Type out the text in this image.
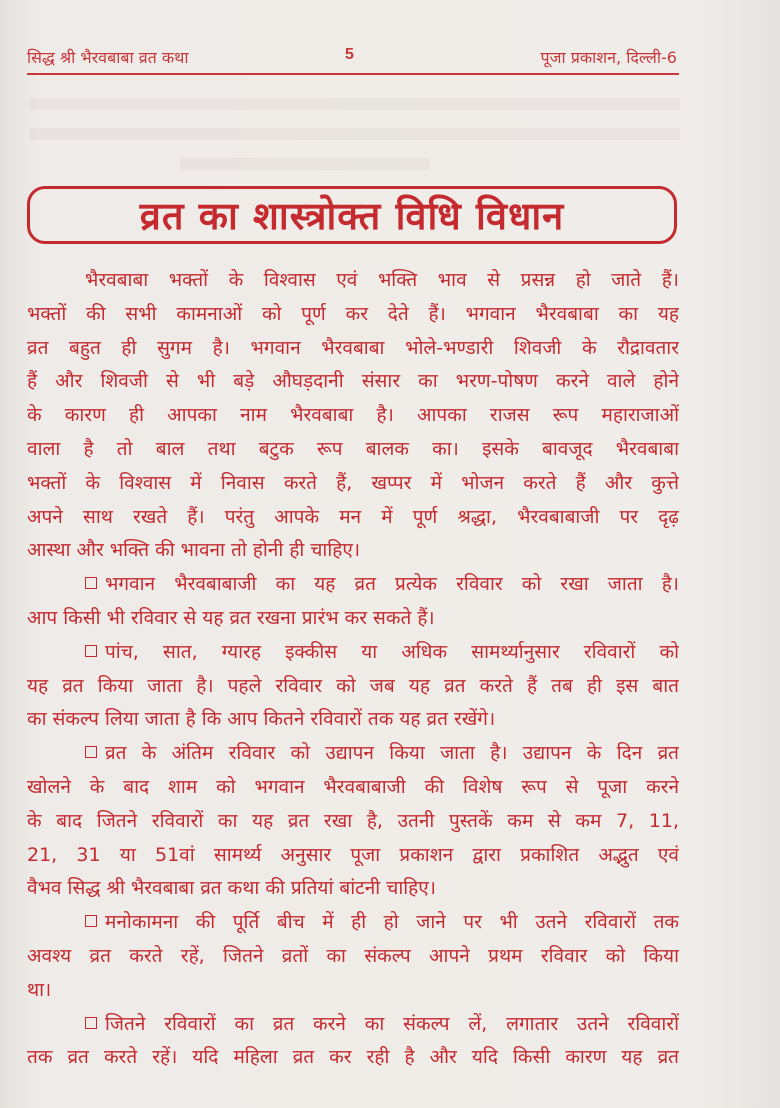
सिद्ध श्री भैरवबाबा व्रत कथा	5	पूजा प्रकाशन, दिल्ली-6
व्रत का शास्त्रोक्त विधि विधान
भैरवबाबा भक्तों के विश्वास एवं भक्ति भाव से प्रसन्न हो जाते हैं।
भक्तों की सभी कामनाओं को पूर्ण कर देते हैं। भगवान भैरवबाबा का यह
व्रत बहुत ही सुगम है। भगवान भैरवबाबा भोले-भण्डारी शिवजी के रौद्रावतार
हैं और शिवजी से भी बड़े औघड़दानी संसार का भरण-पोषण करने वाले होने
के कारण ही आपका नाम भैरवबाबा है। आपका राजस रूप महाराजाओं
वाला है तो बाल तथा बटुक रूप बालक का। इसके बावजूद भैरवबाबा
भक्तों के विश्वास में निवास करते हैं, खप्पर में भोजन करते हैं और कुत्ते
अपने साथ रखते हैं। परंतु आपके मन में पूर्ण श्रद्धा, भैरवबाबाजी पर दृढ़
आस्था और भक्ति की भावना तो होनी ही चाहिए।
भगवान भैरवबाबाजी का यह व्रत प्रत्येक रविवार को रखा जाता है।
आप किसी भी रविवार से यह व्रत रखना प्रारंभ कर सकते हैं।
पांच, सात, ग्यारह इक्कीस या अधिक सामर्थ्यानुसार रविवारों को
यह व्रत किया जाता है। पहले रविवार को जब यह व्रत करते हैं तब ही इस बात
का संकल्प लिया जाता है कि आप कितने रविवारों तक यह व्रत रखेंगे।
व्रत के अंतिम रविवार को उद्यापन किया जाता है। उद्यापन के दिन व्रत
खोलने के बाद शाम को भगवान भैरवबाबाजी की विशेष रूप से पूजा करने
के बाद जितने रविवारों का यह व्रत रखा है, उतनी पुस्तकें कम से कम 7, 11,
21, 31 या 51वां सामर्थ्य अनुसार पूजा प्रकाशन द्वारा प्रकाशित अद्भुत एवं
वैभव सिद्ध श्री भैरवबाबा व्रत कथा की प्रतियां बांटनी चाहिए।
मनोकामना की पूर्ति बीच में ही हो जाने पर भी उतने रविवारों तक
अवश्य व्रत करते रहें, जितने व्रतों का संकल्प आपने प्रथम रविवार को किया
था।
जितने रविवारों का व्रत करने का संकल्प लें, लगातार उतने रविवारों
तक व्रत करते रहें। यदि महिला व्रत कर रही है और यदि किसी कारण यह व्रत
